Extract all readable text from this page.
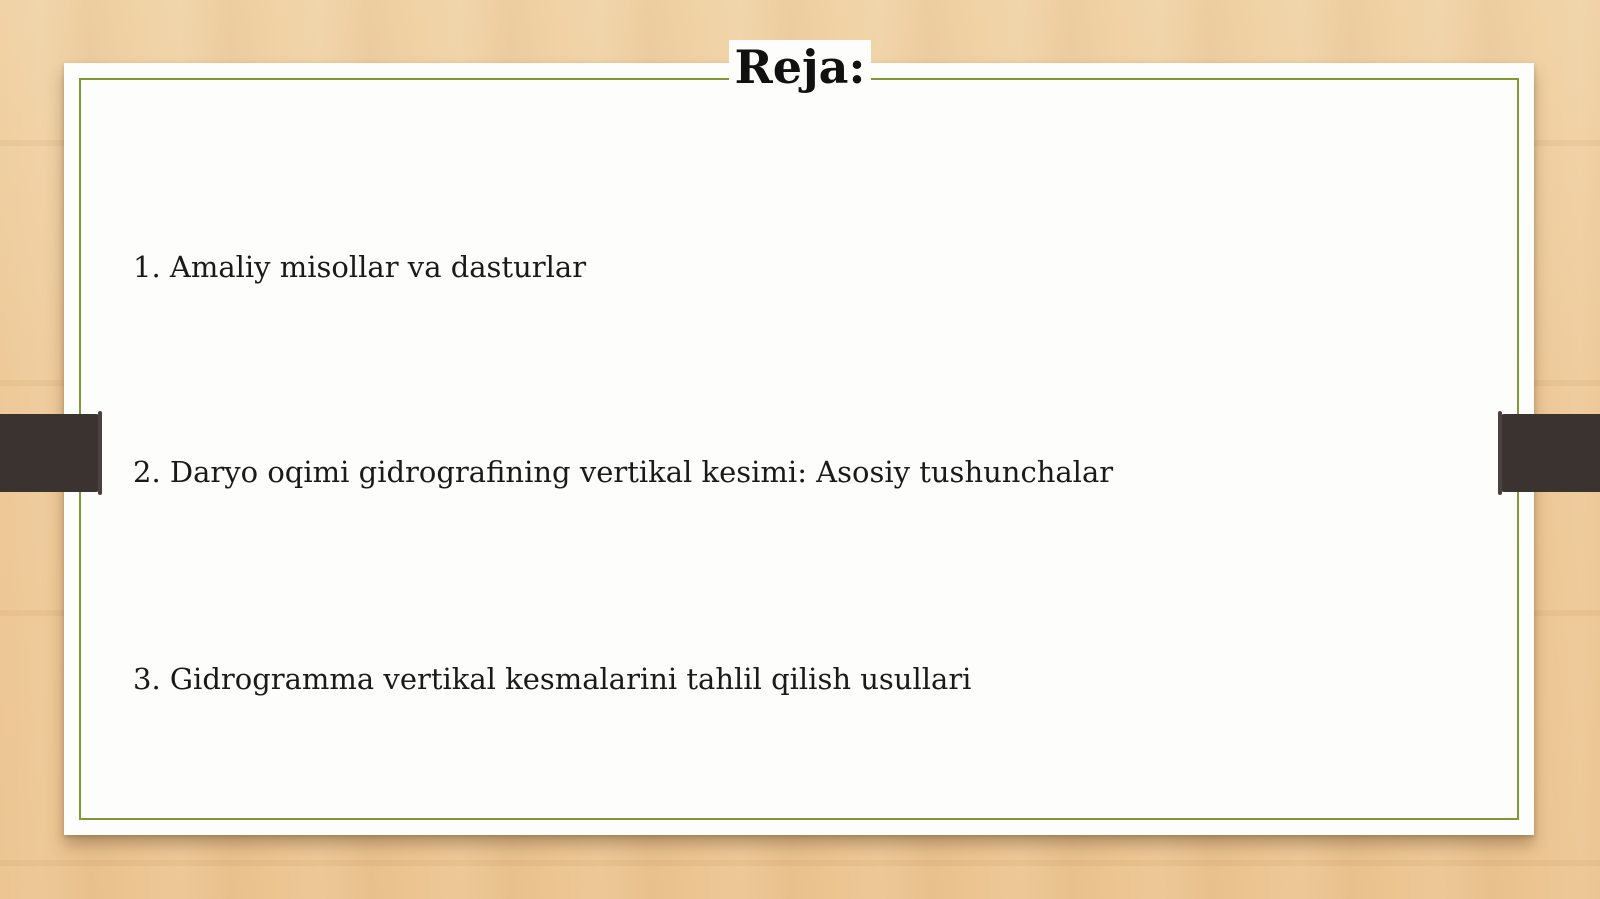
Reja:
1. Amaliy misollar va dasturlar
2. Daryo oqimi gidrografining vertikal kesimi: Asosiy tushunchalar
3. Gidrogramma vertikal kesmalarini tahlil qilish usullari
